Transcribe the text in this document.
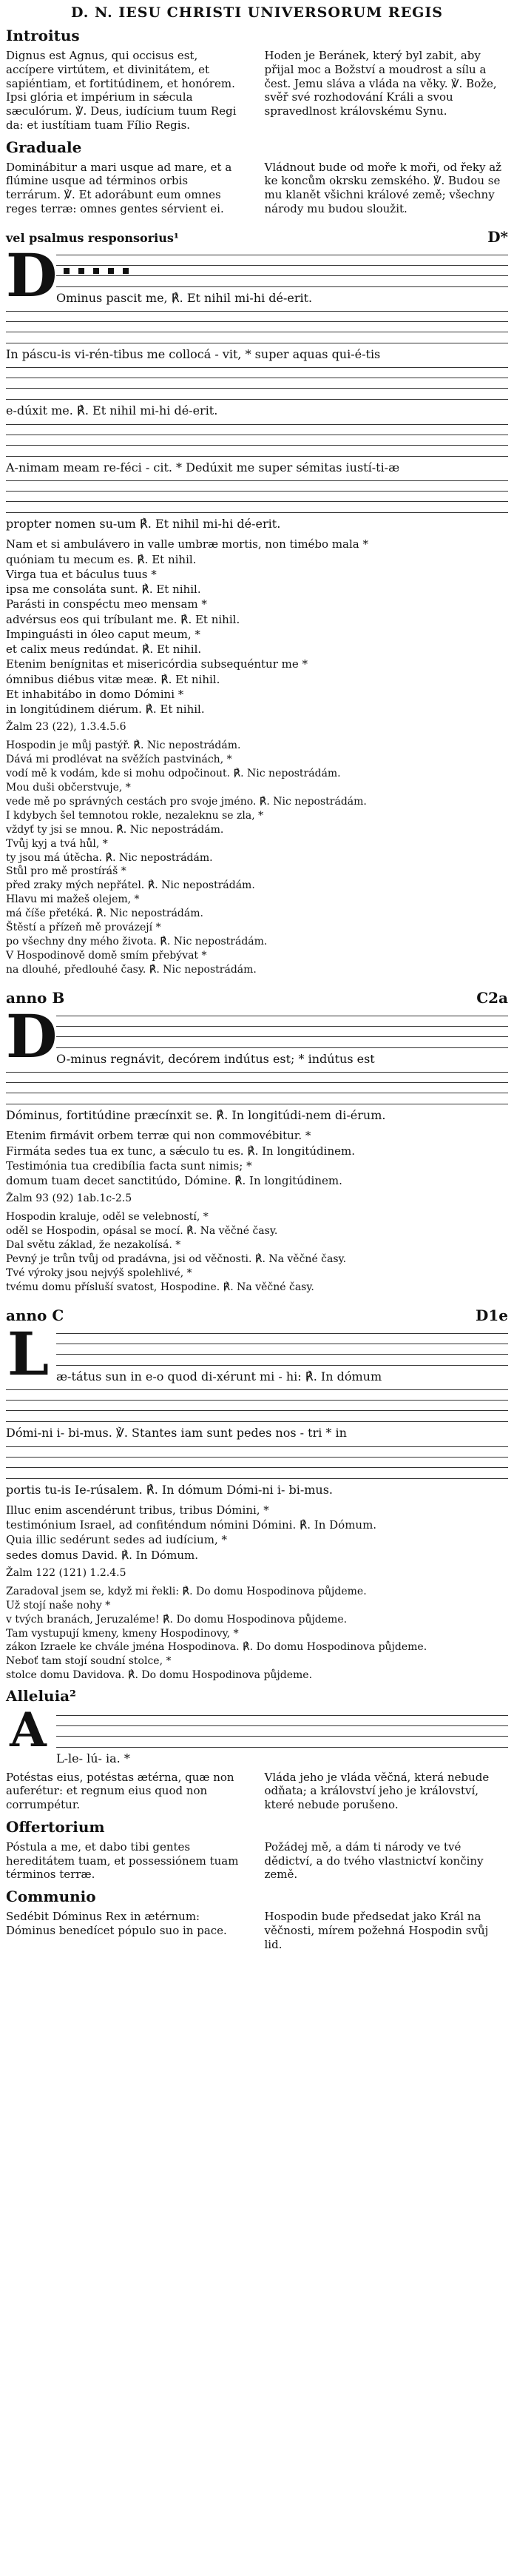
D. N. IESU CHRISTI UNIVERSORUM REGIS
Introitus
Dignus est Agnus, qui occisus est, accípere virtútem, et divinitátem, et sapiéntiam, et fortitúdinem, et honórem. Ipsi glória et impérium in sǽcula sæculórum. ℣. Deus, iudícium tuum Regi da: et iustítiam tuam Fílio Regis.
Hoden je Beránek, který byl zabit, aby přijal moc a Božství a moudrost a sílu a čest. Jemu sláva a vláda na věky. ℣. Bože, svěř své rozhodování Králi a svou spravedlnost královskému Synu.
Graduale
Dominábitur a mari usque ad mare, et a flúmine usque ad términos orbis terrárum. ℣. Et adorábunt eum omnes reges terræ: omnes gentes sérvient ei.
Vládnout bude od moře k moři, od řeky až ke koncům okrsku zemského. ℣. Budou se mu klanět všichni králové země; všechny národy mu budou sloužit.
vel psalmus responsorius¹	D*
D
Ominus pascit me, ℟. Et nihil mi-hi dé-erit.
In páscu-is vi-rén-tibus me collocá - vit, * super aquas qui-é-tis
e-dúxit me. ℟. Et nihil mi-hi dé-erit.
A-nimam meam re-féci - cit. * Dedúxit me super sémitas iustí-ti-æ
propter nomen su-um ℟. Et nihil mi-hi dé-erit.
Nam et si ambulávero in valle umbræ mortis, non timébo mala *
quóniam tu mecum es. ℟. Et nihil.
Virga tua et báculus tuus *
ipsa me consoláta sunt. ℟. Et nihil.
Parásti in conspéctu meo mensam *
advérsus eos qui tríbulant me. ℟. Et nihil.
Impinguásti in óleo caput meum, *
et calix meus redúndat. ℟. Et nihil.
Etenim benígnitas et misericórdia subsequéntur me *
ómnibus diébus vitæ meæ. ℟. Et nihil.
Et inhabitábo in domo Dómini *
in longitúdinem diérum. ℟. Et nihil.
Žalm 23 (22), 1.3.4.5.6
Hospodin je můj pastýř. ℟. Nic nepostrádám.
Dává mi prodlévat na svěžích pastvinách, *
vodí mě k vodám, kde si mohu odpočinout. ℟. Nic nepostrádám.
Mou duši občerstvuje, *
vede mě po správných cestách pro svoje jméno. ℟. Nic nepostrádám.
I kdybych šel temnotou rokle, nezaleknu se zla, *
vždyť ty jsi se mnou. ℟. Nic nepostrádám.
Tvůj kyj a tvá hůl, *
ty jsou má útěcha. ℟. Nic nepostrádám.
Stůl pro mě prostíráš *
před zraky mých nepřátel. ℟. Nic nepostrádám.
Hlavu mi mažeš olejem, *
má číše přetéká. ℟. Nic nepostrádám.
Štěstí a přízeň mě provázejí *
po všechny dny mého života. ℟. Nic nepostrádám.
V Hospodinově domě smím přebývat *
na dlouhé, předlouhé časy. ℟. Nic nepostrádám.
anno B	C2a
D
O-minus regnávit, decórem indútus est; * indútus est
Dóminus, fortitúdine præcínxit se. ℟. In longitúdi-nem di-érum.
Etenim firmávit orbem terræ qui non commovébitur. *
Firmáta sedes tua ex tunc, a sǽculo tu es. ℟. In longitúdinem.
Testimónia tua credibília facta sunt nimis; *
domum tuam decet sanctitúdo, Dómine. ℟. In longitúdinem.
Žalm 93 (92) 1ab.1c-2.5
Hospodin kraluje, oděl se velebností, *
oděl se Hospodin, opásal se mocí. ℟. Na věčné časy.
Dal světu základ, že nezakolísá. *
Pevný je trůn tvůj od pradávna, jsi od věčnosti. ℟. Na věčné časy.
Tvé výroky jsou nejvýš spolehlivé, *
tvému domu přísluší svatost, Hospodine. ℟. Na věčné časy.
anno C	D1e
L æ-tátus sun in e-o quod di-xérunt mi - hi: ℟. In dómum
Dómi-ni i- bi-mus. ℣. Stantes iam sunt pedes nos - tri * in
portis tu-is Ie-rúsalem. ℟. In dómum Dómi-ni i- bi-mus.
Illuc enim ascendérunt tribus, tribus Dómini, *
testimónium Israel, ad confiténdum nómini Dómini. ℟. In Dómum.
Quia illic sedérunt sedes ad iudícium, *
sedes domus David. ℟. In Dómum.
Žalm 122 (121) 1.2.4.5
Zaradoval jsem se, když mi řekli: ℟. Do domu Hospodinova půjdeme.
Už stojí naše nohy *
v tvých branách, Jeruzaléme! ℟. Do domu Hospodinova půjdeme.
Tam vystupují kmeny, kmeny Hospodinovy, *
zákon Izraele ke chvále jména Hospodinova. ℟. Do domu Hospodinova půjdeme.
Neboť tam stojí soudní stolce, *
stolce domu Davidova. ℟. Do domu Hospodinova půjdeme.
Alleluia²
A
L-le- lú- ia. *
Potéstas eius, potéstas ætérna, quæ non auferétur: et regnum eius quod non corrumpétur.
Vláda jeho je vláda věčná, která nebude odňata; a království jeho je království, které nebude porušeno.
Offertorium
Póstula a me, et dabo tibi gentes hereditátem tuam, et possessiónem tuam términos terræ.
Požádej mě, a dám ti národy ve tvé dědictví, a do tvého vlastnictví končiny země.
Communio
Sedébit Dóminus Rex in ætérnum: Dóminus benedícet pópulo suo in pace.
Hospodin bude předsedat jako Král na věčnosti, mírem požehná Hospodin svůj lid.
